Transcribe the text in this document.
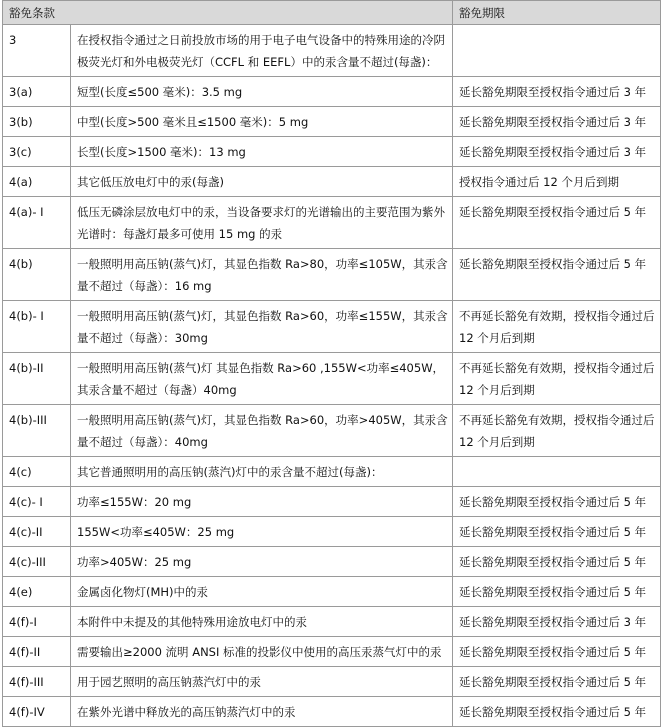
豁免条款		豁免期限
3	在授权指令通过之日前投放市场的用于电子电气设备中的特殊用途的冷阴极荧光灯和外电极荧光灯（CCFL 和 EEFL）中的汞含量不超过(每盏)：	
3(a)	短型(长度≤500 毫米)：3.5 mg	延长豁免期限至授权指令通过后 3 年
3(b)	中型(长度>500 毫米且≤1500 毫米)：5 mg	延长豁免期限至授权指令通过后 3 年
3(c)	长型(长度>1500 毫米)：13 mg	延长豁免期限至授权指令通过后 3 年
4(a)	其它低压放电灯中的汞(每盏)	授权指令通过后 12 个月后到期
4(a)- I	低压无磷涂层放电灯中的汞，当设备要求灯的光谱输出的主要范围为紫外光谱时：每盏灯最多可使用 15 mg 的汞	延长豁免期限至授权指令通过后 5 年
4(b)	一般照明用高压钠(蒸气)灯，其显色指数 Ra>80，功率≤105W，其汞含量不超过（每盏）：16 mg	延长豁免期限至授权指令通过后 5 年
4(b)- I	一般照明用高压钠(蒸气)灯，其显色指数 Ra>60，功率≤155W，其汞含量不超过（每盏）：30mg	不再延长豁免有效期，授权指令通过后 12 个月后到期
4(b)-II	一般照明用高压钠(蒸气)灯 其显色指数 Ra>60 ,155W<功率≤405W，其汞含量不超过（每盏）40mg	不再延长豁免有效期，授权指令通过后 12 个月后到期
4(b)-III	一般照明用高压钠(蒸气)灯，其显色指数 Ra>60，功率>405W，其汞含量不超过（每盏）：40mg	不再延长豁免有效期，授权指令通过后 12 个月后到期
4(c)	其它普通照明用的高压钠(蒸汽)灯中的汞含量不超过(每盏)：	
4(c)- I	功率≤155W：20 mg	延长豁免期限至授权指令通过后 5 年
4(c)-II	155W<功率≤405W：25 mg	延长豁免期限至授权指令通过后 5 年
4(c)-III	功率>405W：25 mg	延长豁免期限至授权指令通过后 5 年
4(e)	金属卤化物灯(MH)中的汞	延长豁免期限至授权指令通过后 5 年
4(f)-I	本附件中未提及的其他特殊用途放电灯中的汞	延长豁免期限至授权指令通过后 3 年
4(f)-II	需要输出≥2000 流明 ANSI 标准的投影仪中使用的高压汞蒸气灯中的汞	延长豁免期限至授权指令通过后 5 年
4(f)-III	用于园艺照明的高压钠蒸汽灯中的汞	延长豁免期限至授权指令通过后 5 年
4(f)-IV	在紫外光谱中释放光的高压钠蒸汽灯中的汞	延长豁免期限至授权指令通过后 5 年
